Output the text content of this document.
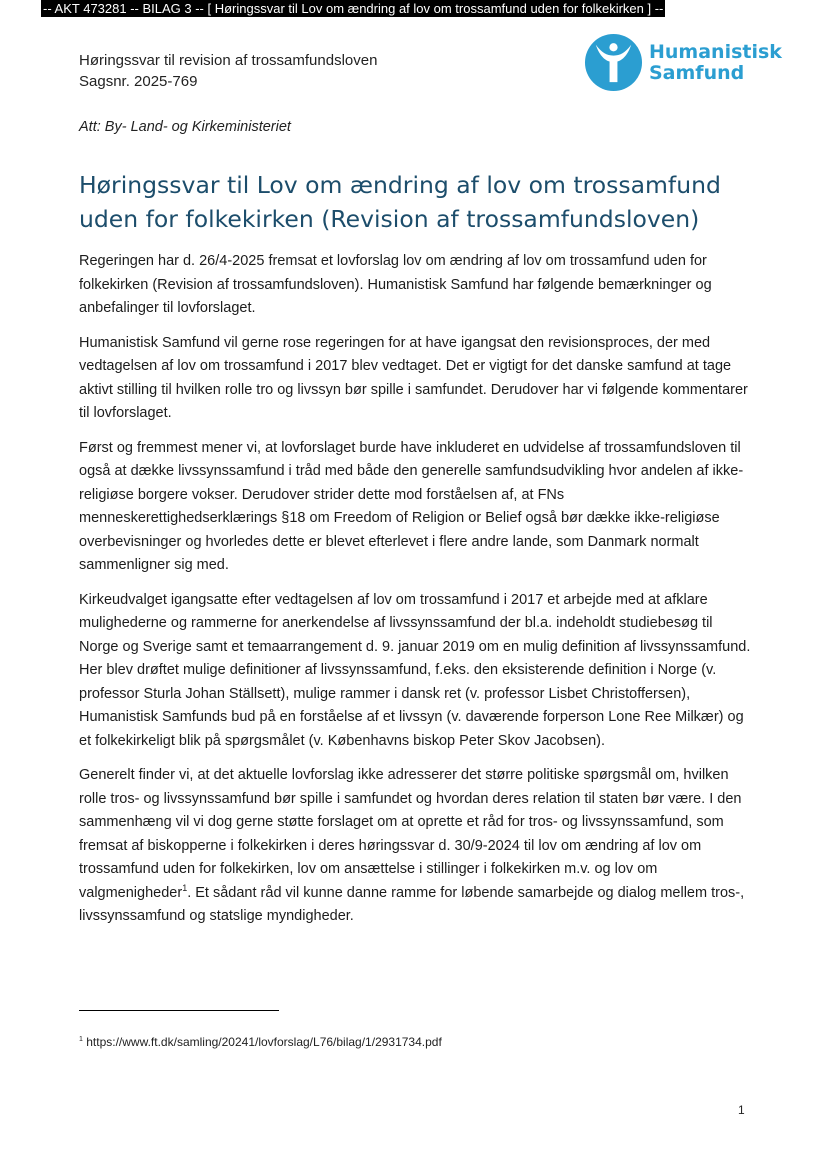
-- AKT 473281 -- BILAG 3 -- [ Høringssvar til Lov om ændring af lov om trossamfund uden for folkekirken ] --
Høringssvar til revision af trossamfundsloven
Sagsnr. 2025-769
Humanistisk
Samfund
Att: By- Land- og Kirkeministeriet
Høringssvar til Lov om ændring af lov om trossamfund uden for folkekirken (Revision af trossamfundsloven)

Regeringen har d. 26/4-2025 fremsat et lovforslag lov om ændring af lov om trossamfund uden for folkekirken (Revision af trossamfundsloven). Humanistisk Samfund har følgende bemærkninger og anbefalinger til lovforslaget.

Humanistisk Samfund vil gerne rose regeringen for at have igangsat den revisionsproces, der med vedtagelsen af lov om trossamfund i 2017 blev vedtaget. Det er vigtigt for det danske samfund at tage aktivt stilling til hvilken rolle tro og livssyn bør spille i samfundet. Derudover har vi følgende kommentarer til lovforslaget.

Først og fremmest mener vi, at lovforslaget burde have inkluderet en udvidelse af trossamfundsloven til også at dække livssynssamfund i tråd med både den generelle samfundsudvikling hvor andelen af ikke-religiøse borgere vokser. Derudover strider dette mod forståelsen af, at FNs menneskerettighedserklærings §18 om Freedom of Religion or Belief også bør dække ikke-religiøse overbevisninger og hvorledes dette er blevet efterlevet i flere andre lande, som Danmark normalt sammenligner sig med.

Kirkeudvalget igangsatte efter vedtagelsen af lov om trossamfund i 2017 et arbejde med at afklare mulighederne og rammerne for anerkendelse af livssynssamfund der bl.a. indeholdt studiebesøg til Norge og Sverige samt et temaarrangement d. 9. januar 2019 om en mulig definition af livssynssamfund. Her blev drøftet mulige definitioner af livssynssamfund, f.eks. den eksisterende definition i Norge (v. professor Sturla Johan Ställsett), mulige rammer i dansk ret (v. professor Lisbet Christoffersen), Humanistisk Samfunds bud på en forståelse af et livssyn (v. daværende forperson Lone Ree Milkær) og et folkekirkeligt blik på spørgsmålet (v. Københavns biskop Peter Skov Jacobsen).

Generelt finder vi, at det aktuelle lovforslag ikke adresserer det større politiske spørgsmål om, hvilken rolle tros- og livssynssamfund bør spille i samfundet og hvordan deres relation til staten bør være. I den sammenhæng vil vi dog gerne støtte forslaget om at oprette et råd for tros- og livssynssamfund, som fremsat af biskopperne i folkekirken i deres høringssvar d. 30/9-2024 til lov om ændring af lov om trossamfund uden for folkekirken, lov om ansættelse i stillinger i folkekirken m.v. og lov om valgmenigheder$^1$. Et sådant råd vil kunne danne ramme for løbende samarbejde og dialog mellem tros-, livssynssamfund og statslige myndigheder.

$^1$ https://www.ft.dk/samling/20241/lovforslag/L76/bilag/1/2931734.pdf
1
